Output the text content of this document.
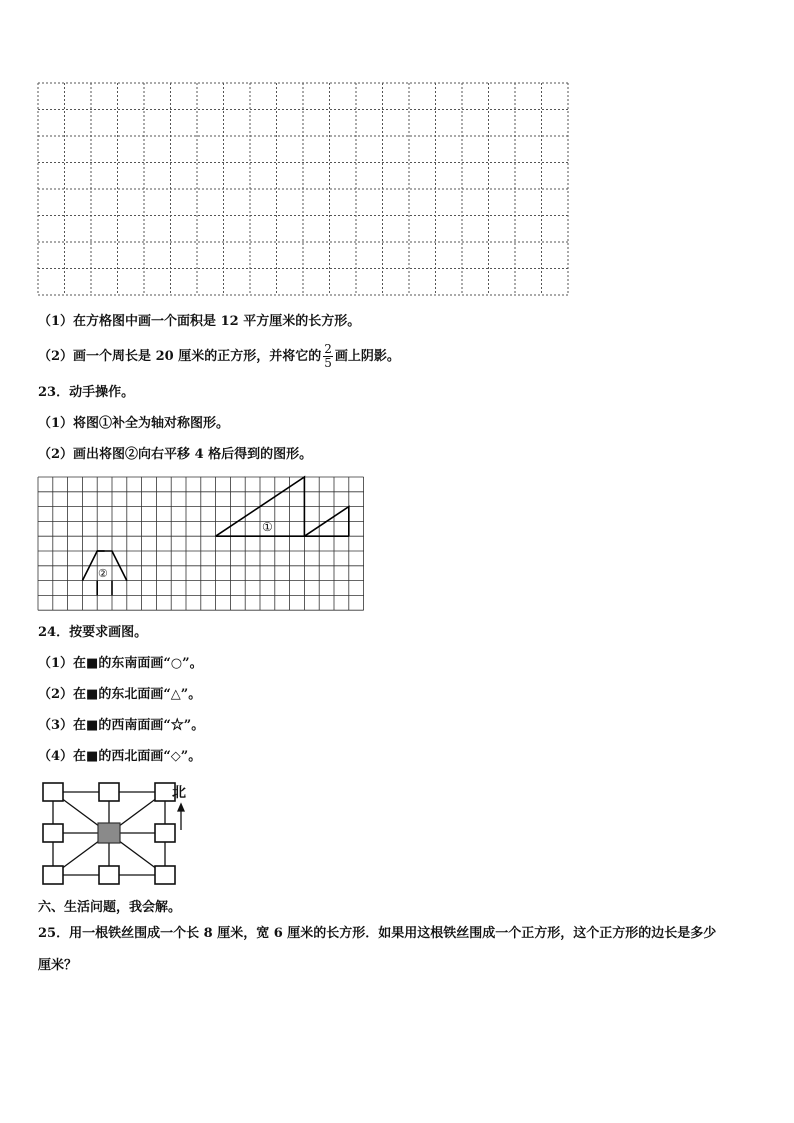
（1）在方格图中画一个面积是 12 平方厘米的长方形。
（2）画一个周长是 20 厘米的正方形，并将它的 $\frac{2}{5}$ 画上阴影。
23．动手操作。
（1）将图①补全为轴对称图形。
（2）画出将图②向右平移 4 格后得到的图形。
①
②
24．按要求画图。
（1）在■的东南面画“○”。
（2）在■的东北面画“△”。
（3）在■的西南面画“☆”。
（4）在■的西北面画“◇”。
北
六、生活问题，我会解。
25．用一根铁丝围成一个长 8 厘米，宽 6 厘米的长方形．如果用这根铁丝围成一个正方形，这个正方形的边长是多少
厘米？
